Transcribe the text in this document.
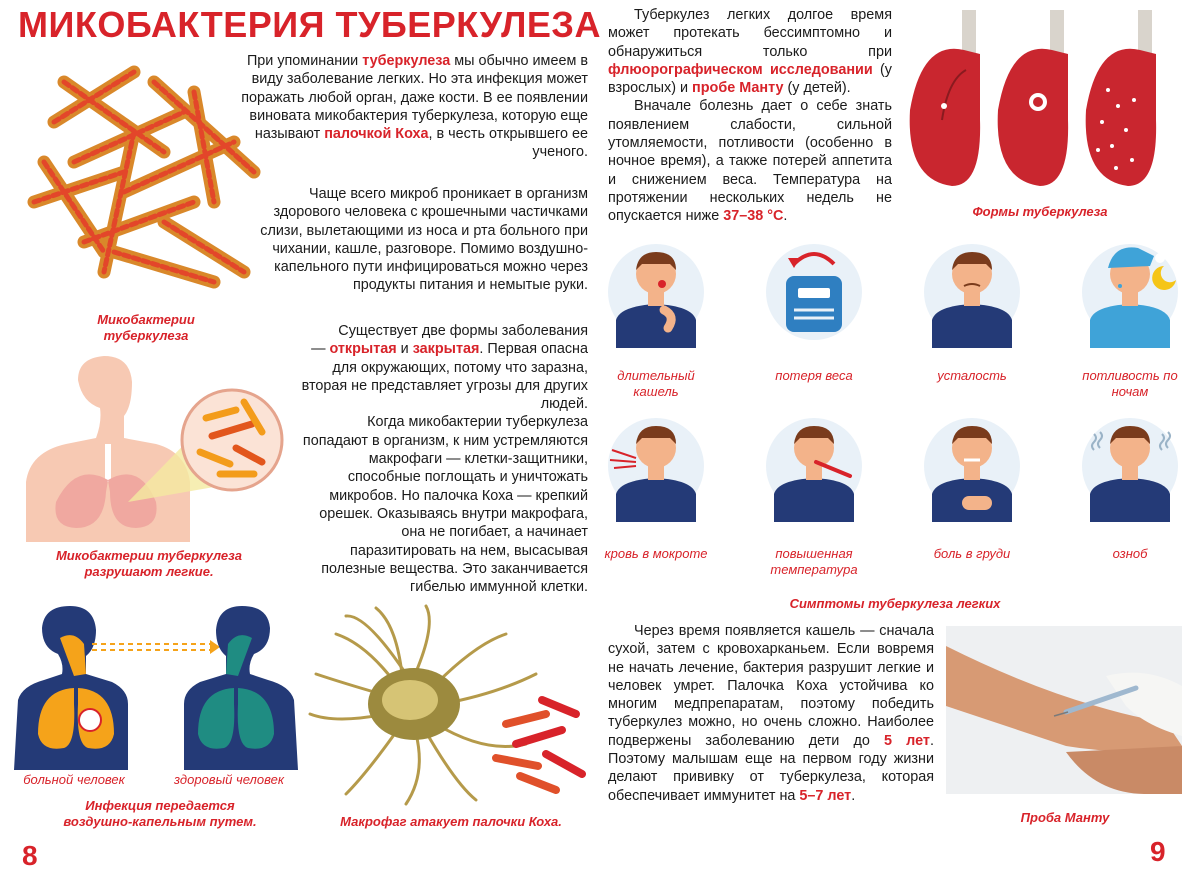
МИКОБАКТЕРИЯ ТУБЕРКУЛЕЗА

При упоминании туберкулеза мы обычно имеем в виду заболевание легких. Но эта инфекция может поражать любой орган, даже кости. В ее появлении виновата микобактерия туберкулеза, которую еще называют палочкой Коха, в честь открывшего ее ученого.

Чаще всего микроб проникает в организм здорового человека с крошечными частичками слизи, вылетающими из носа и рта больного при чихании, кашле, разговоре. Помимо воздушно-капельного пути инфицироваться можно через продукты питания и немытые руки.

Существует две формы заболевания — открытая и закрытая. Первая опасна для окружающих, потому что заразна, вторая не представляет угрозы для других людей.

Когда микобактерии туберкулеза попадают в организм, к ним устремляются макрофаги — клетки-защитники, способные поглощать и уничтожать микробов. Но палочка Коха — крепкий орешек. Оказываясь внутри макрофага, она не погибает, а начинает паразитировать на нем, высасывая полезные вещества. Это заканчивается гибелью иммунной клетки.

Туберкулез легких долгое время может протекать бессимптомно и обнаружиться только при флюорографическом исследовании (у взрослых) и пробе Манту (у детей).

Вначале болезнь дает о себе знать появлением слабости, сильной утомляемости, потливости (особенно в ночное время), а также потерей аппетита и снижением веса. Температура на протяжении нескольких недель не опускается ниже 37–38 °С.

Через время появляется кашель — сначала сухой, затем с кровохарканьем. Если вовремя не начать лечение, бактерия разрушит легкие и человек умрет. Палочка Коха устойчива ко многим медпрепаратам, поэтому победить туберкулез можно, но очень сложно. Наиболее подвержены заболеванию дети до 5 лет. Поэтому малышам еще на первом году жизни делают прививку от туберкулеза, которая обеспечивает иммунитет на 5–7 лет.

Микобактерии туберкулеза
Микобактерии туберкулеза разрушают легкие.
больной человек	здоровый человек
Инфекция передается воздушно-капельным путем.	Макрофаг атакует палочки Коха.
Формы туберкулеза
длительный кашель
потеря веса	усталость	потливость по ночам
кровь в мокроте	повышенная температура
боль в груди	озноб
Симптомы туберкулеза легких
Проба Манту
8	9
